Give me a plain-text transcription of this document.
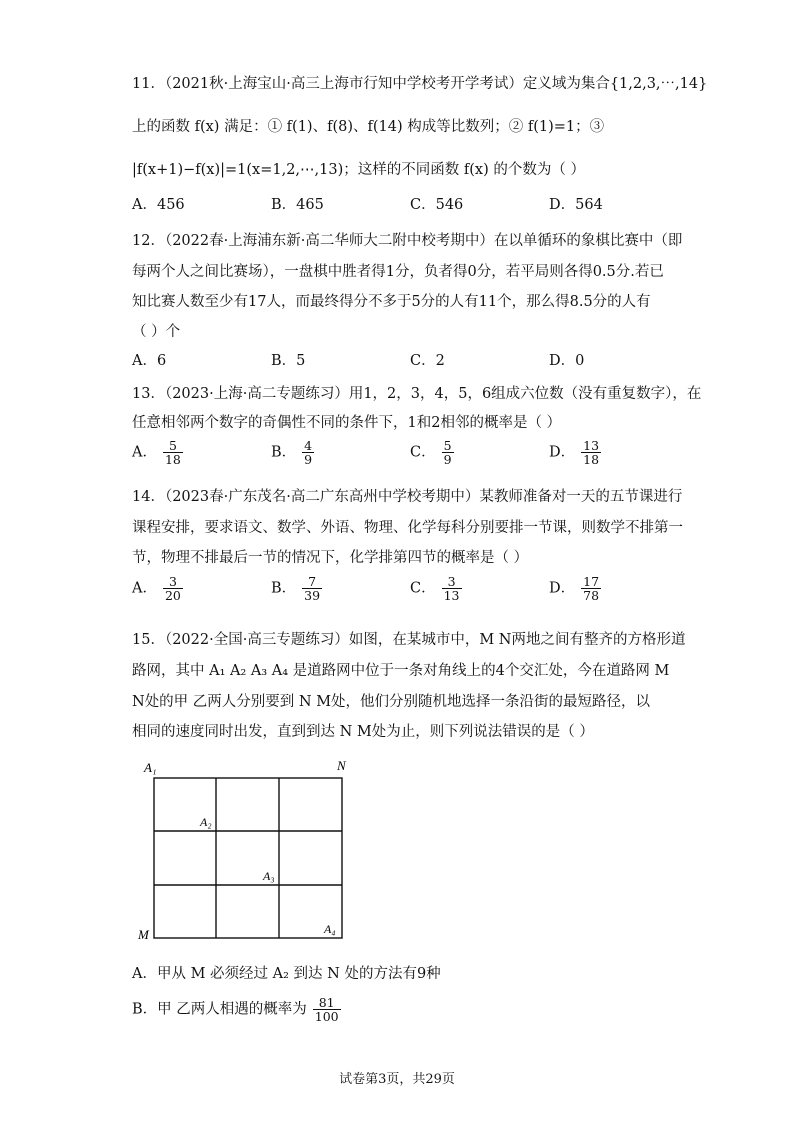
11．（2021秋·上海宝山·高三上海市行知中学校考开学考试）定义域为集合{1,2,3,⋯,14}
上的函数 f(x) 满足：① f(1)、f(8)、f(14) 构成等比数列；② f(1)=1；③
|f(x+1)−f(x)|=1(x=1,2,⋯,13)；这样的不同函数 f(x) 的个数为（ ）
A．456	B．465	C．546	D．564
12．（2022春·上海浦东新·高二华师大二附中校考期中）在以单循环的象棋比赛中（即
每两个人之间比赛场），一盘棋中胜者得1分，负者得0分，若平局则各得0.5分.若已
知比赛人数至少有17人，而最终得分不多于5分的人有11个，那么得8.5分的人有
（ ）个
A．6	B．5	C．2	D．0
13．（2023·上海·高二专题练习）用1，2，3，4，5，6组成六位数（没有重复数字），在
任意相邻两个数字的奇偶性不同的条件下，1和2相邻的概率是（ ）
A． $\frac{5}{18}$	B． $\frac{4}{9}$	C． $\frac{5}{9}$	D． $\frac{13}{18}$
14．（2023春·广东茂名·高二广东高州中学校考期中）某教师准备对一天的五节课进行
课程安排，要求语文、数学、外语、物理、化学每科分别要排一节课，则数学不排第一
节，物理不排最后一节的情况下，化学排第四节的概率是（ ）
A． $\frac{3}{20}$	B． $\frac{7}{39}$	C． $\frac{3}{13}$	D． $\frac{17}{78}$
15．（2022·全国·高三专题练习）如图，在某城市中，M N两地之间有整齐的方格形道
路网，其中 A₁ A₂ A₃ A₄ 是道路网中位于一条对角线上的4个交汇处，今在道路网 M
N处的甲 乙两人分别要到 N M处，他们分别随机地选择一条沿街的最短路径，以
相同的速度同时出发，直到到达 N M处为止，则下列说法错误的是（ ）
A₁	N
A₂
A₃
A₄
M
A．甲从 M 必须经过 A₂ 到达 N 处的方法有9种
B．甲 乙两人相遇的概率为 $\frac{81}{100}$
试卷第3页，共29页
